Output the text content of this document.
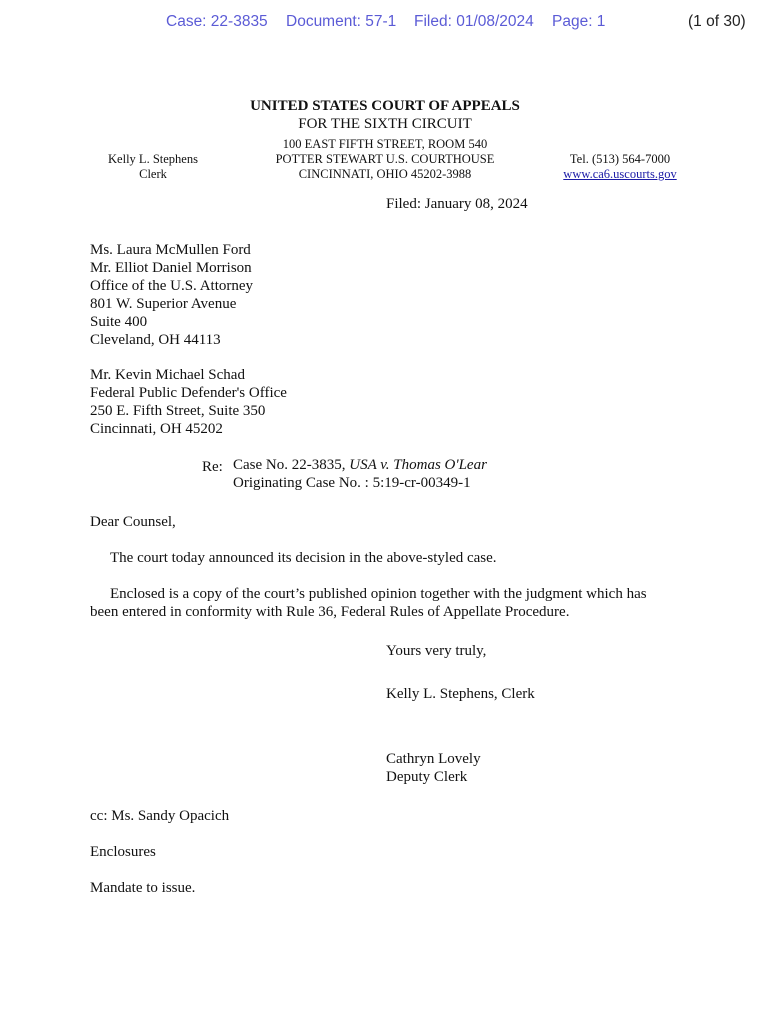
Case: 22-3835 Document: 57-1 Filed: 01/08/2024 Page: 1	(1 of 30)
UNITED STATES COURT OF APPEALS
FOR THE SIXTH CIRCUIT
100 EAST FIFTH STREET, ROOM 540
POTTER STEWART U.S. COURTHOUSE
CINCINNATI, OHIO 45202-3988
Kelly L. Stephens
Clerk
Tel. (513) 564-7000
www.ca6.uscourts.gov
Filed: January 08, 2024
Ms. Laura McMullen Ford
Mr. Elliot Daniel Morrison
Office of the U.S. Attorney
801 W. Superior Avenue
Suite 400
Cleveland, OH 44113
Mr. Kevin Michael Schad
Federal Public Defender's Office
250 E. Fifth Street, Suite 350
Cincinnati, OH 45202
Re: Case No. 22-3835, USA v. Thomas O'Lear
Originating Case No. : 5:19-cr-00349-1
Dear Counsel,
The court today announced its decision in the above-styled case.
Enclosed is a copy of the court’s published opinion together with the judgment which has
been entered in conformity with Rule 36, Federal Rules of Appellate Procedure.
Yours very truly,
Kelly L. Stephens, Clerk
Cathryn Lovely
Deputy Clerk
cc: Ms. Sandy Opacich
Enclosures
Mandate to issue.
